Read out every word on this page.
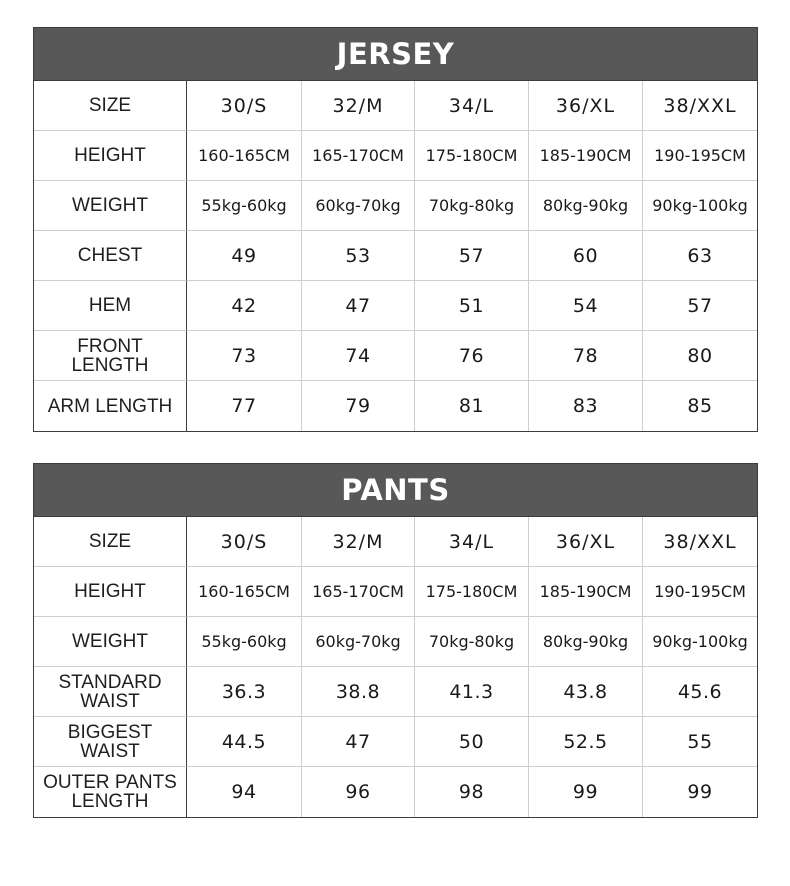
JERSEY
SIZE	30/S	32/M	34/L	36/XL	38/XXL
HEIGHT	160-165CM	165-170CM	175-180CM	185-190CM	190-195CM
WEIGHT	55kg-60kg	60kg-70kg	70kg-80kg	80kg-90kg	90kg-100kg
CHEST	49	53	57	60	63
HEM	42	47	51	54	57
FRONT LENGTH	73	74	76	78	80
ARM LENGTH	77	79	81	83	85
PANTS
SIZE	30/S	32/M	34/L	36/XL	38/XXL
HEIGHT	160-165CM	165-170CM	175-180CM	185-190CM	190-195CM
WEIGHT	55kg-60kg	60kg-70kg	70kg-80kg	80kg-90kg	90kg-100kg
STANDARD WAIST	36.3	38.8	41.3	43.8	45.6
BIGGEST WAIST	44.5	47	50	52.5	55
OUTER PANTS LENGTH	94	96	98	99	99
